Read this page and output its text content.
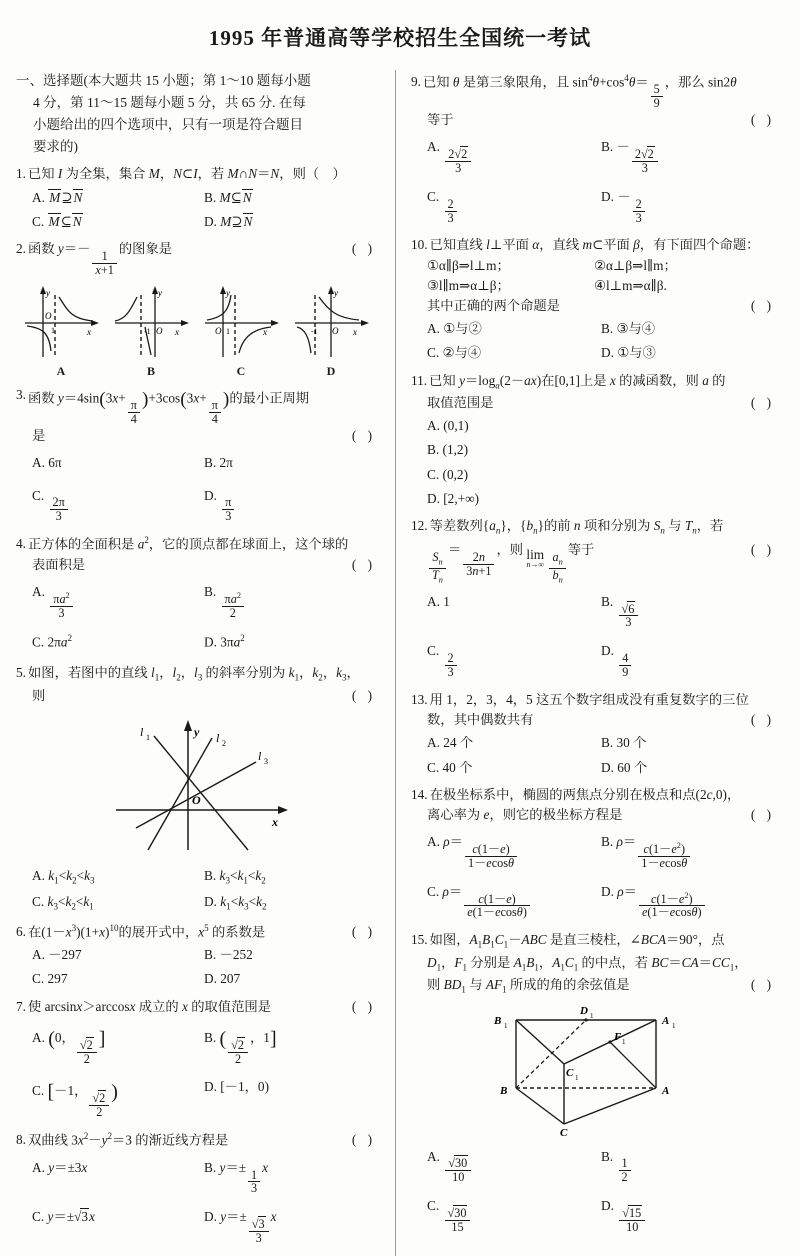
1995 年普通高等学校招生全国统一考试
一、选择题(本大题共 15 小题；第 1～10 题每小题
4 分，第 11～15 题每小题 5 分，共 65 分. 在每
小题给出的四个选项中，只有一项是符合题目
要求的)
1. 已知 I 为全集，集合 M，N⊂I，若 M∩N＝N，则（    ）
A. M⊇N	B. M⊆N
C. M⊆N	D. M⊇N
2. 函数 y＝－
$\frac{1}{x+1}$
的图象是	( )
O
1
y
x
A
-1 O
y
x
B
O 1
y
x
C
-1 O
y
x
D
3. 函数 y＝4sin(3x+
$\frac{\pi}{4}$
)+3cos(3x+
$\frac{\pi}{4}$
)的最小正周期
是	( )
A. 6π	B. 2π
C.
$\frac{2\pi}{3}$
D.
$\frac{\pi}{3}$
4. 正方体的全面积是 $a^2$，它的顶点都在球面上，这个球的
表面积是	( )
A.
$\frac{\pi a^2}{3}$
B.
$\frac{\pi a^2}{2}$
C. $2\pi a^2$	D. $3\pi a^2$
5. 如图，若图中的直线 $l_1$，$l_2$，$l_3$ 的斜率分别为 $k_1$，$k_2$，$k_3$，
则	( )
l 1	l 2
l 3
O
x
y
A. $k_1<k_2<k_3$	B. $k_3<k_1<k_2$
C. $k_3<k_2<k_1$	D. $k_1<k_3<k_2$
6. 在$(1-x^3)(1+x)^{10}$的展开式中，$x^5$ 的系数是	( )
A. －297	B. －252
C. 297	D. 207
7. 使 arcsinx＞arccosx 成立的 x 的取值范围是	( )
A. (0，
$\frac{√2}{2}$ ]	B. ( $\frac{√2}{2}$
，1]
C. [－1，
$\frac{√2}{2}$ )	D. [－1，0)
8. 双曲线 $3x^2-y^2=3$ 的渐近线方程是	( )
A. y＝±3x	B. y＝±
$\frac{1}{3}$
x
C. y＝±√3x	D. y＝±
$\frac{√3}{3}$
x
9. 已知 θ 是第三象限角，且 $\sin^4\theta+\cos^4\theta=$
$\frac{5}{9}$
，那么 sin2θ
等于	( )
A.
$\frac{2√2}{3}$
B. －
$\frac{2√2}{3}$
C.
$\frac{2}{3}$
D. －
$\frac{2}{3}$
10. 已知直线 l⊥平面 α，直线 m⊂平面 β，有下面四个命题：
①α∥β⇒l⊥m；	②α⊥β⇒l∥m；
③l∥m⇒α⊥β；	④l⊥m⇒α∥β.
其中正确的两个命题是	( )
A. ①与②	B. ③与④
C. ②与④	D. ①与③
11. 已知 $y=\log_a(2-ax)$在[0,1]上是 x 的减函数，则 a 的
取值范围是	( )
A. (0,1)
B. (1,2)
C. (0,2)
D. [2,+∞)
12. 等差数列$\{a_n\}$，$\{b_n\}$的前 n 项和分别为 $S_n$ 与 $T_n$，若
$\frac{S_n}{T_n}$
＝
$\frac{2n}{3n+1}$
，则 lim
n→∞
$\frac{a_n}{b_n}$
等于	( )
A. 1	B.
$\frac{√6}{3}$
C.
$\frac{2}{3}$
D.
$\frac{4}{9}$
13. 用 1，2，3，4，5 这五个数字组成没有重复数字的三位
数，其中偶数共有	( )
A. 24 个	B. 30 个
C. 40 个	D. 60 个
14. 在极坐标系中，椭圆的两焦点分别在极点和点(2c,0)，
离心率为 e，则它的极坐标方程是	( )
A. ρ＝
$\frac{c(1-e)}{1-ecos\theta}$
B. ρ＝
$\frac{c(1-e^2)}{1-ecos\theta}$
C. ρ＝
$\frac{c(1-e)}{e(1-ecos\theta)}$
D. ρ＝
$\frac{c(1-e^2)}{e(1-ecos\theta)}$
15. 如图，$A_1B_1C_1-ABC$ 是直三棱柱，∠BCA＝90°，点
$D_1$，$F_1$ 分别是 $A_1B_1$，$A_1C_1$ 的中点，若 $BC=CA=CC_1$，
则 $BD_1$ 与 $AF_1$ 所成的角的余弦值是	( )
B 1	A 1
D 1
F 1
C 1
B	A
C
A.
$\frac{√30}{10}$
B.
$\frac{1}{2}$
C.
$\frac{√30}{15}$
D.
$\frac{√15}{10}$
